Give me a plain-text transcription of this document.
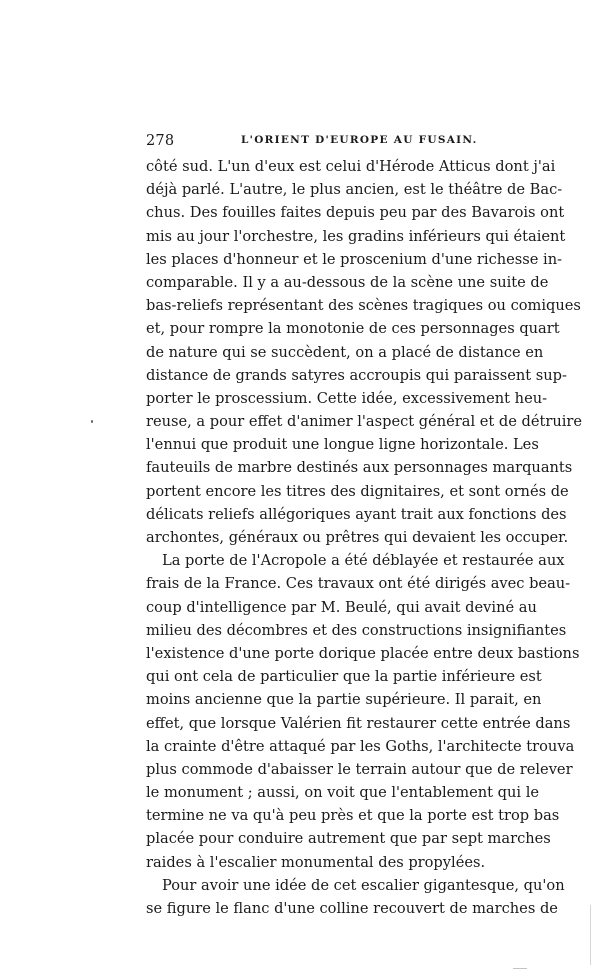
278	L'ORIENT D'EUROPE AU FUSAIN.
côté sud. L'un d'eux est celui d'Hérode Atticus dont j'ai
déjà parlé. L'autre, le plus ancien, est le théâtre de Bac-
chus. Des fouilles faites depuis peu par des Bavarois ont
mis au jour l'orchestre, les gradins inférieurs qui étaient
les places d'honneur et le proscenium d'une richesse in-
comparable. Il y a au-dessous de la scène une suite de
bas-reliefs représentant des scènes tragiques ou comiques
et, pour rompre la monotonie de ces personnages quart
de nature qui se succèdent, on a placé de distance en
distance de grands satyres accroupis qui paraissent sup-
porter le proscessium. Cette idée, excessivement heu-
reuse, a pour effet d'animer l'aspect général et de détruire
l'ennui que produit une longue ligne horizontale. Les
fauteuils de marbre destinés aux personnages marquants
portent encore les titres des dignitaires, et sont ornés de
délicats reliefs allégoriques ayant trait aux fonctions des
archontes, généraux ou prêtres qui devaient les occuper.
La porte de l'Acropole a été déblayée et restaurée aux
frais de la France. Ces travaux ont été dirigés avec beau-
coup d'intelligence par M. Beulé, qui avait deviné au
milieu des décombres et des constructions insignifiantes
l'existence d'une porte dorique placée entre deux bastions
qui ont cela de particulier que la partie inférieure est
moins ancienne que la partie supérieure. Il parait, en
effet, que lorsque Valérien fit restaurer cette entrée dans
la crainte d'être attaqué par les Goths, l'architecte trouva
plus commode d'abaisser le terrain autour que de relever
le monument ; aussi, on voit que l'entablement qui le
termine ne va qu'à peu près et que la porte est trop bas
placée pour conduire autrement que par sept marches
raides à l'escalier monumental des propylées.
Pour avoir une idée de cet escalier gigantesque, qu'on
se figure le flanc d'une colline recouvert de marches de
